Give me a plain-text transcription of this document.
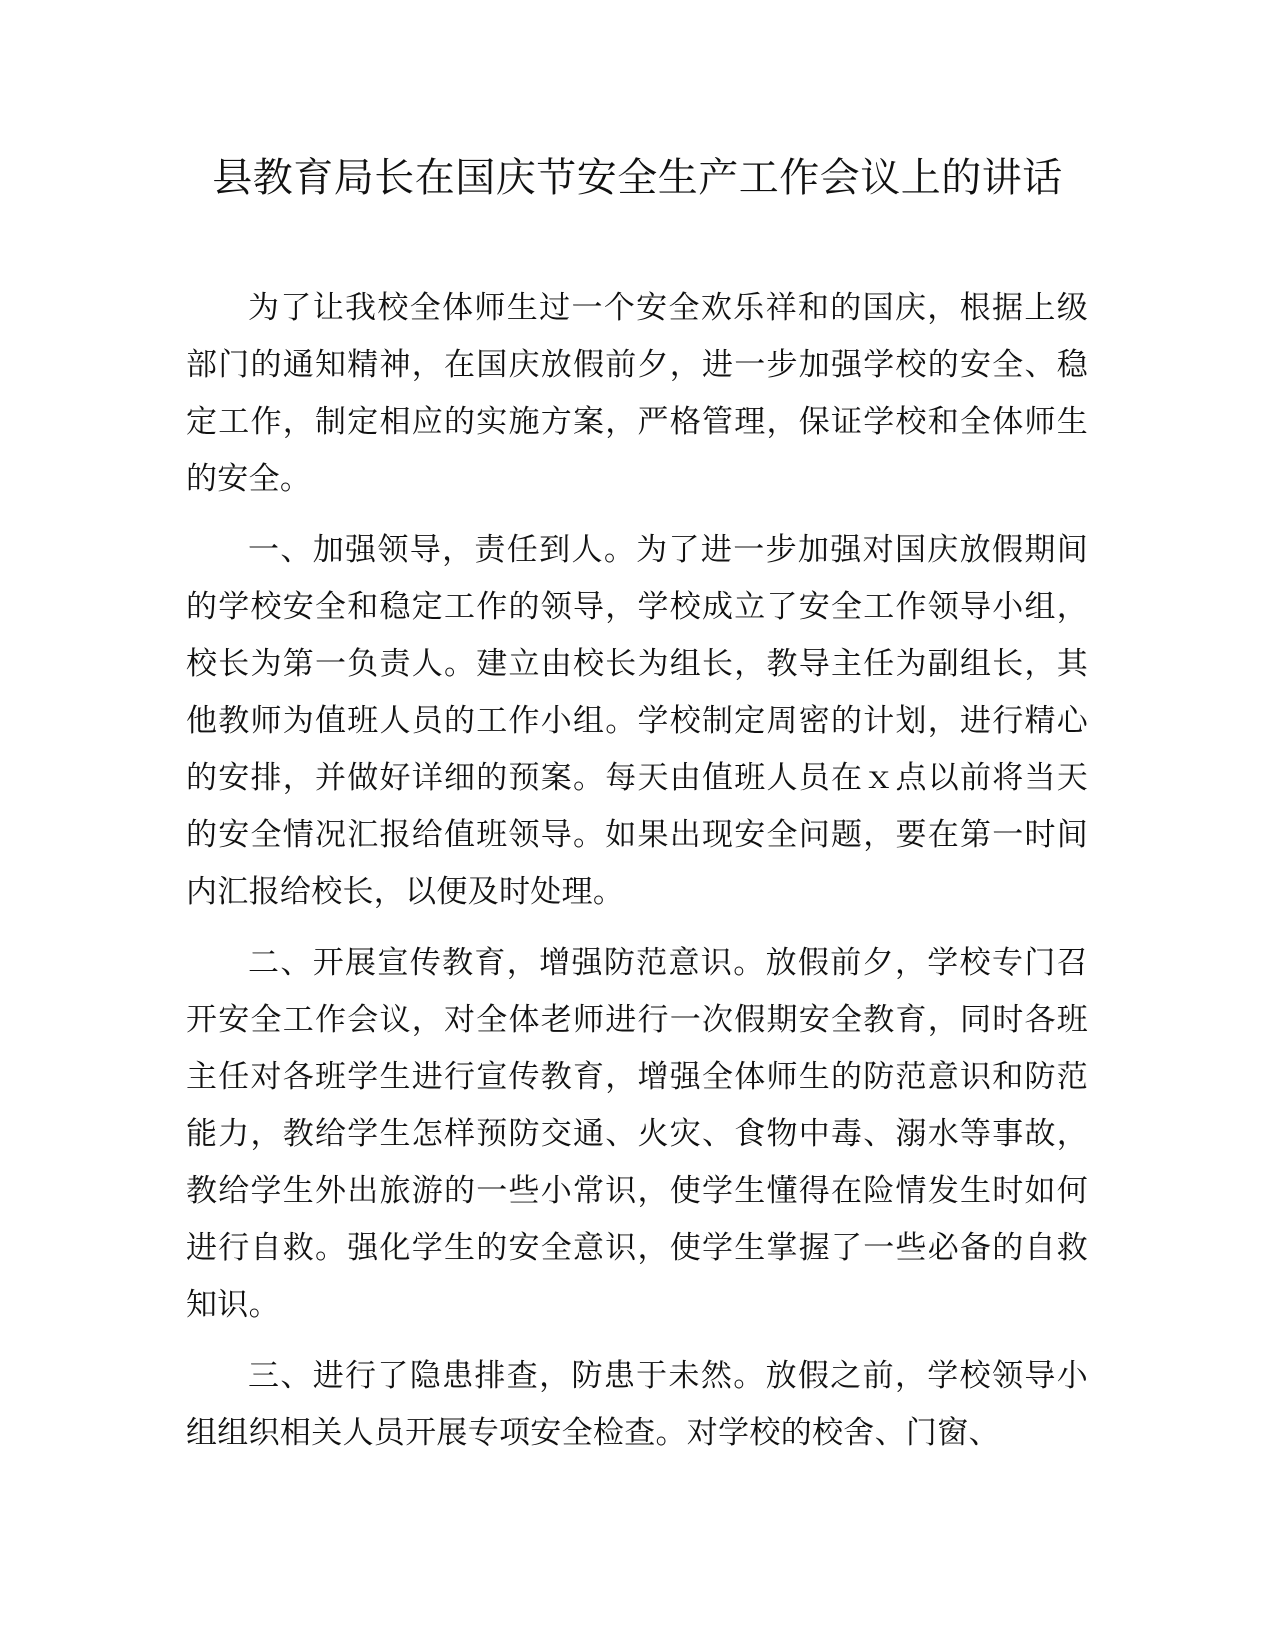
县教育局长在国庆节安全生产工作会议上的讲话

为了让我校全体师生过一个安全欢乐祥和的国庆，根据上级部门的通知精神，在国庆放假前夕，进一步加强学校的安全、稳定工作，制定相应的实施方案，严格管理，保证学校和全体师生的安全。

一、加强领导，责任到人。为了进一步加强对国庆放假期间的学校安全和稳定工作的领导，学校成立了安全工作领导小组，校长为第一负责人。建立由校长为组长，教导主任为副组长，其他教师为值班人员的工作小组。学校制定周密的计划，进行精心的安排，并做好详细的预案。每天由值班人员在ｘ点以前将当天的安全情况汇报给值班领导。如果出现安全问题，要在第一时间内汇报给校长，以便及时处理。

二、开展宣传教育，增强防范意识。放假前夕，学校专门召开安全工作会议，对全体老师进行一次假期安全教育，同时各班主任对各班学生进行宣传教育，增强全体师生的防范意识和防范能力，教给学生怎样预防交通、火灾、食物中毒、溺水等事故，教给学生外出旅游的一些小常识，使学生懂得在险情发生时如何进行自救。强化学生的安全意识，使学生掌握了一些必备的自救知识。

三、进行了隐患排查，防患于未然。放假之前，学校领导小组组织相关人员开展专项安全检查。对学校的校舍、门窗、
